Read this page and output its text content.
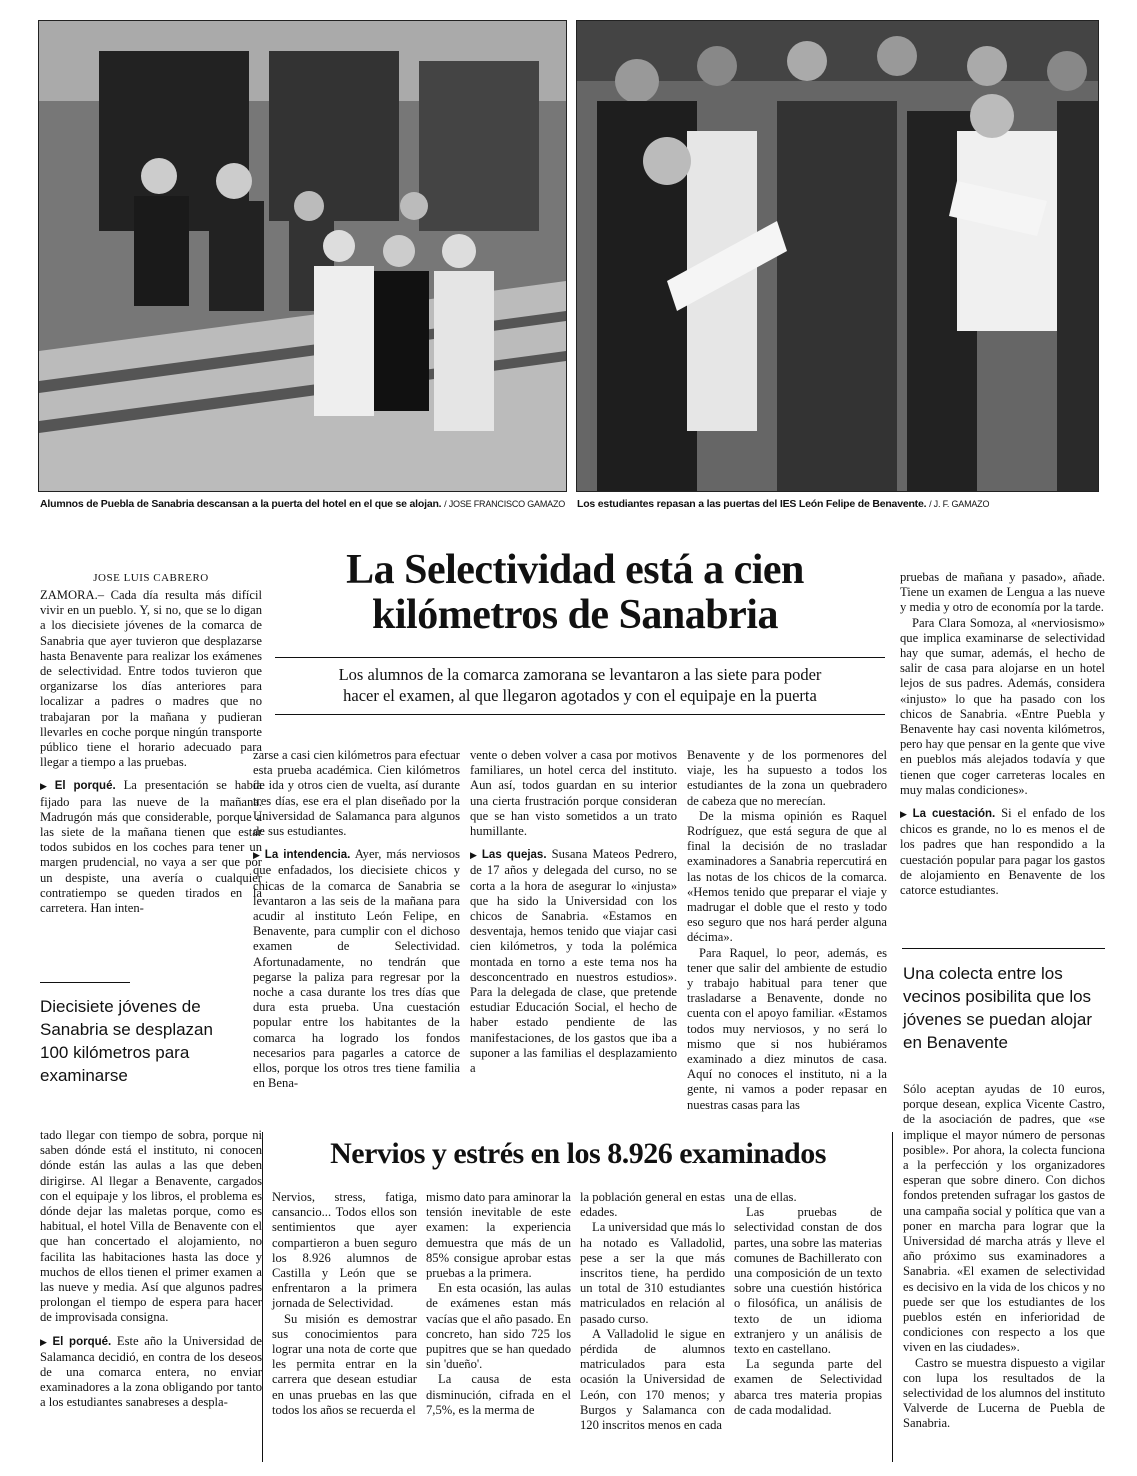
Alumnos de Puebla de Sanabria descansan a la puerta del hotel en el que se alojan. / JOSE FRANCISCO GAMAZO Los estudiantes repasan a las puertas del IES León Felipe de Benavente. / J. F. GAMAZO
La Selectividad está a cien
kilómetros de Sanabria
Los alumnos de la comarca zamorana se levantaron a las siete para poder
hacer el examen, al que llegaron agotados y con el equipaje en la puerta
JOSE LUIS CABRERO

ZAMORA.– Cada día resulta más difícil vivir en un pueblo. Y, si no, que se lo digan a los diecisiete jóvenes de la comarca de Sanabria que ayer tuvieron que desplazarse hasta Benavente para realizar los exámenes de selectividad. Entre todos tuvieron que organizarse los días anteriores para localizar a padres o madres que no trabajaran por la mañana y pudieran llevarles en coche porque ningún transporte público tiene el horario adecuado para llegar a tiempo a las pruebas.

▶ El porqué. La presentación se había fijado para las nueve de la mañana. Madrugón más que considerable, porque a las siete de la mañana tienen que estar todos subidos en los coches para tener un margen prudencial, no vaya a ser que por un despiste, una avería o cualquier contratiempo se queden tirados en la carretera. Han inten-

Diecisiete jóvenes de Sanabria se desplazan 100 kilómetros para examinarse

tado llegar con tiempo de sobra, porque ni saben dónde está el instituto, ni conocen dónde están las aulas a las que deben dirigirse. Al llegar a Benavente, cargados con el equipaje y los libros, el problema es dónde dejar las maletas porque, como es habitual, el hotel Villa de Benavente con el que han concertado el alojamiento, no facilita las habitaciones hasta las doce y muchos de ellos tienen el primer examen a las nueve y media. Así que algunos padres prolongan el tiempo de espera para hacer de improvisada consigna.

▶ El porqué. Este año la Universidad de Salamanca decidió, en contra de los deseos de una comarca entera, no enviar examinadores a la zona obligando por tanto a los estudiantes sanabreses a despla-

zarse a casi cien kilómetros para efectuar esta prueba académica. Cien kilómetros de ida y otros cien de vuelta, así durante tres días, ese era el plan diseñado por la Universidad de Salamanca para algunos de sus estudiantes.

▶ La intendencia. Ayer, más nerviosos que enfadados, los diecisiete chicos y chicas de la comarca de Sanabria se levantaron a las seis de la mañana para acudir al instituto León Felipe, en Benavente, para cumplir con el dichoso examen de Selectividad. Afortunadamente, no tendrán que pegarse la paliza para regresar por la noche a casa durante los tres días que dura esta prueba. Una cuestación popular entre los habitantes de la comarca ha logrado los fondos necesarios para pagarles a catorce de ellos, porque los otros tres tiene familia en Bena-

vente o deben volver a casa por motivos familiares, un hotel cerca del instituto. Aun así, todos guardan en su interior una cierta frustración porque consideran que se han visto sometidos a un trato humillante.

▶ Las quejas. Susana Mateos Pedrero, de 17 años y delegada del curso, no se corta a la hora de asegurar lo «injusta» que ha sido la Universidad con los chicos de Sanabria. «Estamos en desventaja, hemos tenido que viajar casi cien kilómetros, y toda la polémica montada en torno a este tema nos ha desconcentrado en nuestros estudios». Para la delegada de clase, que pretende estudiar Educación Social, el hecho de haber estado pendiente de las manifestaciones, de los gastos que iba a suponer a las familias el desplazamiento a

Benavente y de los pormenores del viaje, les ha supuesto a todos los estudiantes de la zona un quebradero de cabeza que no merecían.

De la misma opinión es Raquel Rodríguez, que está segura de que al final la decisión de no trasladar examinadores a Sanabria repercutirá en las notas de los chicos de la comarca. «Hemos tenido que preparar el viaje y madrugar el doble que el resto y todo eso seguro que nos hará perder alguna décima».

Para Raquel, lo peor, además, es tener que salir del ambiente de estudio y trabajo habitual para tener que trasladarse a Benavente, donde no cuenta con el apoyo familiar. «Estamos todos muy nerviosos, y no será lo mismo que si nos hubiéramos examinado a diez minutos de casa. Aquí no conoces el instituto, ni a la gente, ni vamos a poder repasar en nuestras casas para las

pruebas de mañana y pasado», añade. Tiene un examen de Lengua a las nueve y media y otro de economía por la tarde.

Para Clara Somoza, al «nerviosismo» que implica examinarse de selectividad hay que sumar, además, el hecho de salir de casa para alojarse en un hotel lejos de sus padres. Además, considera «injusto» lo que ha pasado con los chicos de Sanabria. «Entre Puebla y Benavente hay casi noventa kilómetros, pero hay que pensar en la gente que vive en pueblos más alejados todavía y que tienen que coger carreteras locales en muy malas condiciones».

▶ La cuestación. Si el enfado de los chicos es grande, no lo es menos el de los padres que han respondido a la cuestación popular para pagar los gastos de alojamiento en Benavente de los catorce estudiantes.

Una colecta entre los vecinos posibilita que los jóvenes se puedan alojar en Benavente

Sólo aceptan ayudas de 10 euros, porque desean, explica Vicente Castro, de la asociación de padres, que «se implique el mayor número de personas posible». Por ahora, la colecta funciona a la perfección y los organizadores esperan que sobre dinero. Con dichos fondos pretenden sufragar los gastos de una campaña social y política que van a poner en marcha para lograr que la Universidad dé marcha atrás y lleve el año próximo sus examinadores a Sanabria. «El examen de selectividad es decisivo en la vida de los chicos y no puede ser que los estudiantes de los pueblos estén en inferioridad de condiciones con respecto a los que viven en las ciudades».

Castro se muestra dispuesto a vigilar con lupa los resultados de la selectividad de los alumnos del instituto Valverde de Lucerna de Puebla de Sanabria.

Nervios y estrés en los 8.926 examinados

Nervios, stress, fatiga, cansancio... Todos ellos son sentimientos que ayer compartieron a buen seguro los 8.926 alumnos de Castilla y León que se enfrentaron a la primera jornada de Selectividad.

Su misión es demostrar sus conocimientos para lograr una nota de corte que les permita entrar en la carrera que desean estudiar en unas pruebas en las que todos los años se recuerda el

mismo dato para aminorar la tensión inevitable de este examen: la experiencia demuestra que más de un 85% consigue aprobar estas pruebas a la primera.

En esta ocasión, las aulas de exámenes estan más vacías que el año pasado. En concreto, han sido 725 los pupitres que se han quedado sin 'dueño'.

La causa de esta disminución, cifrada en el 7,5%, es la merma de

la población general en estas edades.

La universidad que más lo ha notado es Valladolid, pese a ser la que más inscritos tiene, ha perdido un total de 310 estudiantes matriculados en relación al pasado curso.

A Valladolid le sigue en pérdida de alumnos matriculados para esta ocasión la Universidad de León, con 170 menos; y Burgos y Salamanca con 120 inscritos menos en cada

una de ellas.

Las pruebas de selectividad constan de dos partes, una sobre las materias comunes de Bachillerato con una composición de un texto sobre una cuestión histórica o filosófica, un análisis de texto de un idioma extranjero y un análisis de texto en castellano.

La segunda parte del examen de Selectividad abarca tres materia propias de cada modalidad.
